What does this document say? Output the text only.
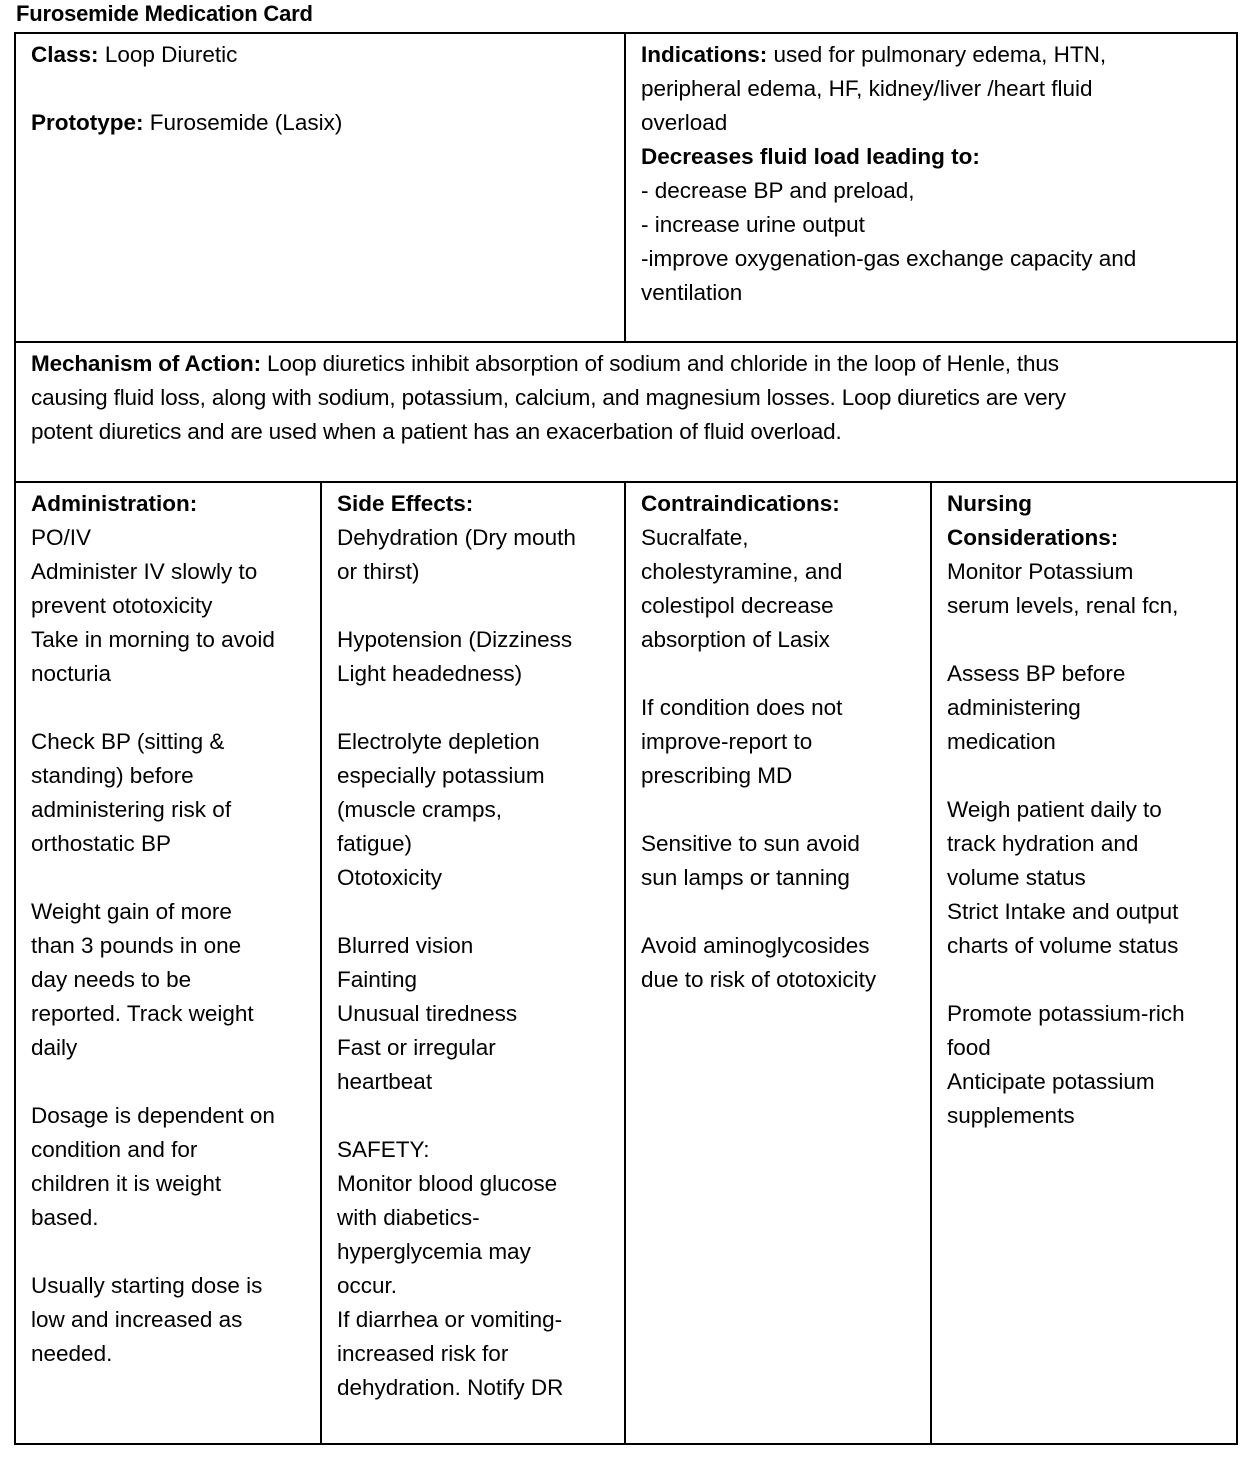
Furosemide Medication Card
Class: Loop Diuretic
Prototype: Furosemide (Lasix)
Indications: used for pulmonary edema, HTN,
peripheral edema, HF, kidney/liver /heart fluid
overload
Decreases fluid load leading to:
- decrease BP and preload,
- increase urine output
-improve oxygenation-gas exchange capacity and
ventilation
Mechanism of Action: Loop diuretics inhibit absorption of sodium and chloride in the loop of Henle, thus
causing fluid loss, along with sodium, potassium, calcium, and magnesium losses. Loop diuretics are very
potent diuretics and are used when a patient has an exacerbation of fluid overload.
Administration:
PO/IV
Administer IV slowly to
prevent ototoxicity
Take in morning to avoid
nocturia
Check BP (sitting &
standing) before
administering risk of
orthostatic BP
Weight gain of more
than 3 pounds in one
day needs to be
reported. Track weight
daily
Dosage is dependent on
condition and for
children it is weight
based.
Usually starting dose is
low and increased as
needed.
Side Effects:
Dehydration (Dry mouth
or thirst)
Hypotension (Dizziness
Light headedness)
Electrolyte depletion
especially potassium
(muscle cramps,
fatigue)
Ototoxicity
Blurred vision
Fainting
Unusual tiredness
Fast or irregular
heartbeat
SAFETY:
Monitor blood glucose
with diabetics-
hyperglycemia may
occur.
If diarrhea or vomiting-
increased risk for
dehydration. Notify DR
Contraindications:
Sucralfate,
cholestyramine, and
colestipol decrease
absorption of Lasix
If condition does not
improve-report to
prescribing MD
Sensitive to sun avoid
sun lamps or tanning
Avoid aminoglycosides
due to risk of ototoxicity
Nursing
Considerations:
Monitor Potassium
serum levels, renal fcn,
Assess BP before
administering
medication
Weigh patient daily to
track hydration and
volume status
Strict Intake and output
charts of volume status
Promote potassium-rich
food
Anticipate potassium
supplements
